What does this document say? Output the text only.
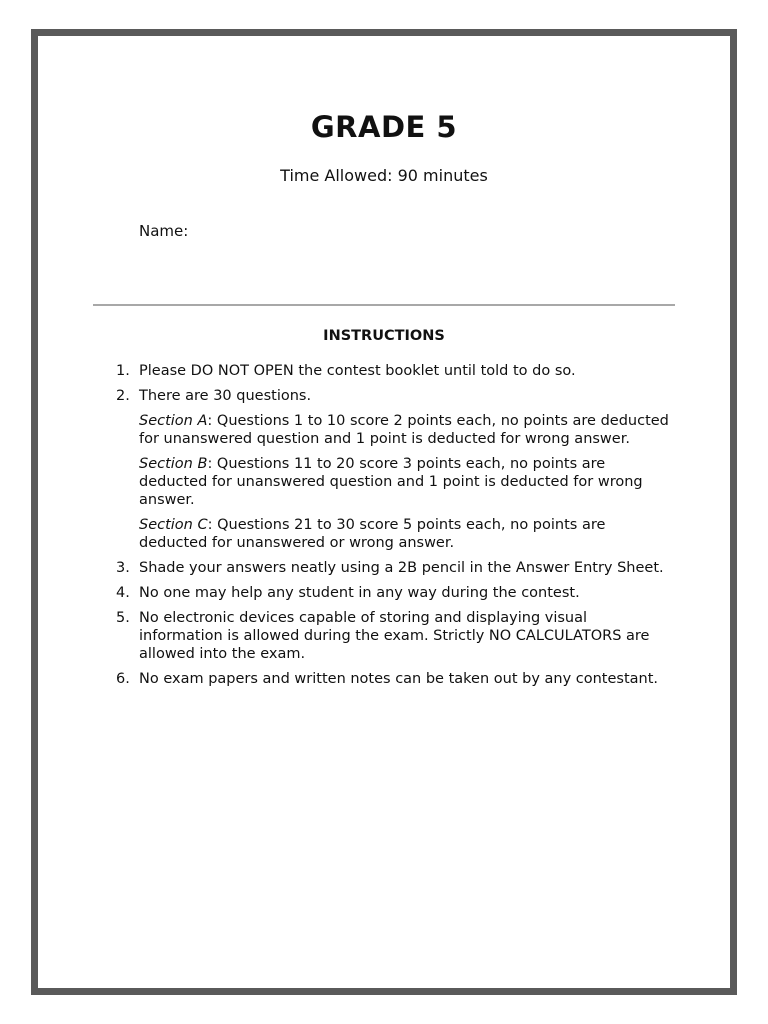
GRADE 5
Time Allowed: 90 minutes
Name:
INSTRUCTIONS
1. Please DO NOT OPEN the contest booklet until told to do so.
2. There are 30 questions.
Section A: Questions 1 to 10 score 2 points each, no points are deducted for unanswered question and 1 point is deducted for wrong answer.
Section B: Questions 11 to 20 score 3 points each, no points are deducted for unanswered question and 1 point is deducted for wrong answer.
Section C: Questions 21 to 30 score 5 points each, no points are deducted for unanswered or wrong answer.
3. Shade your answers neatly using a 2B pencil in the Answer Entry Sheet.
4. No one may help any student in any way during the contest.
5. No electronic devices capable of storing and displaying visual information is allowed during the exam. Strictly NO CALCULATORS are allowed into the exam.
6. No exam papers and written notes can be taken out by any contestant.
